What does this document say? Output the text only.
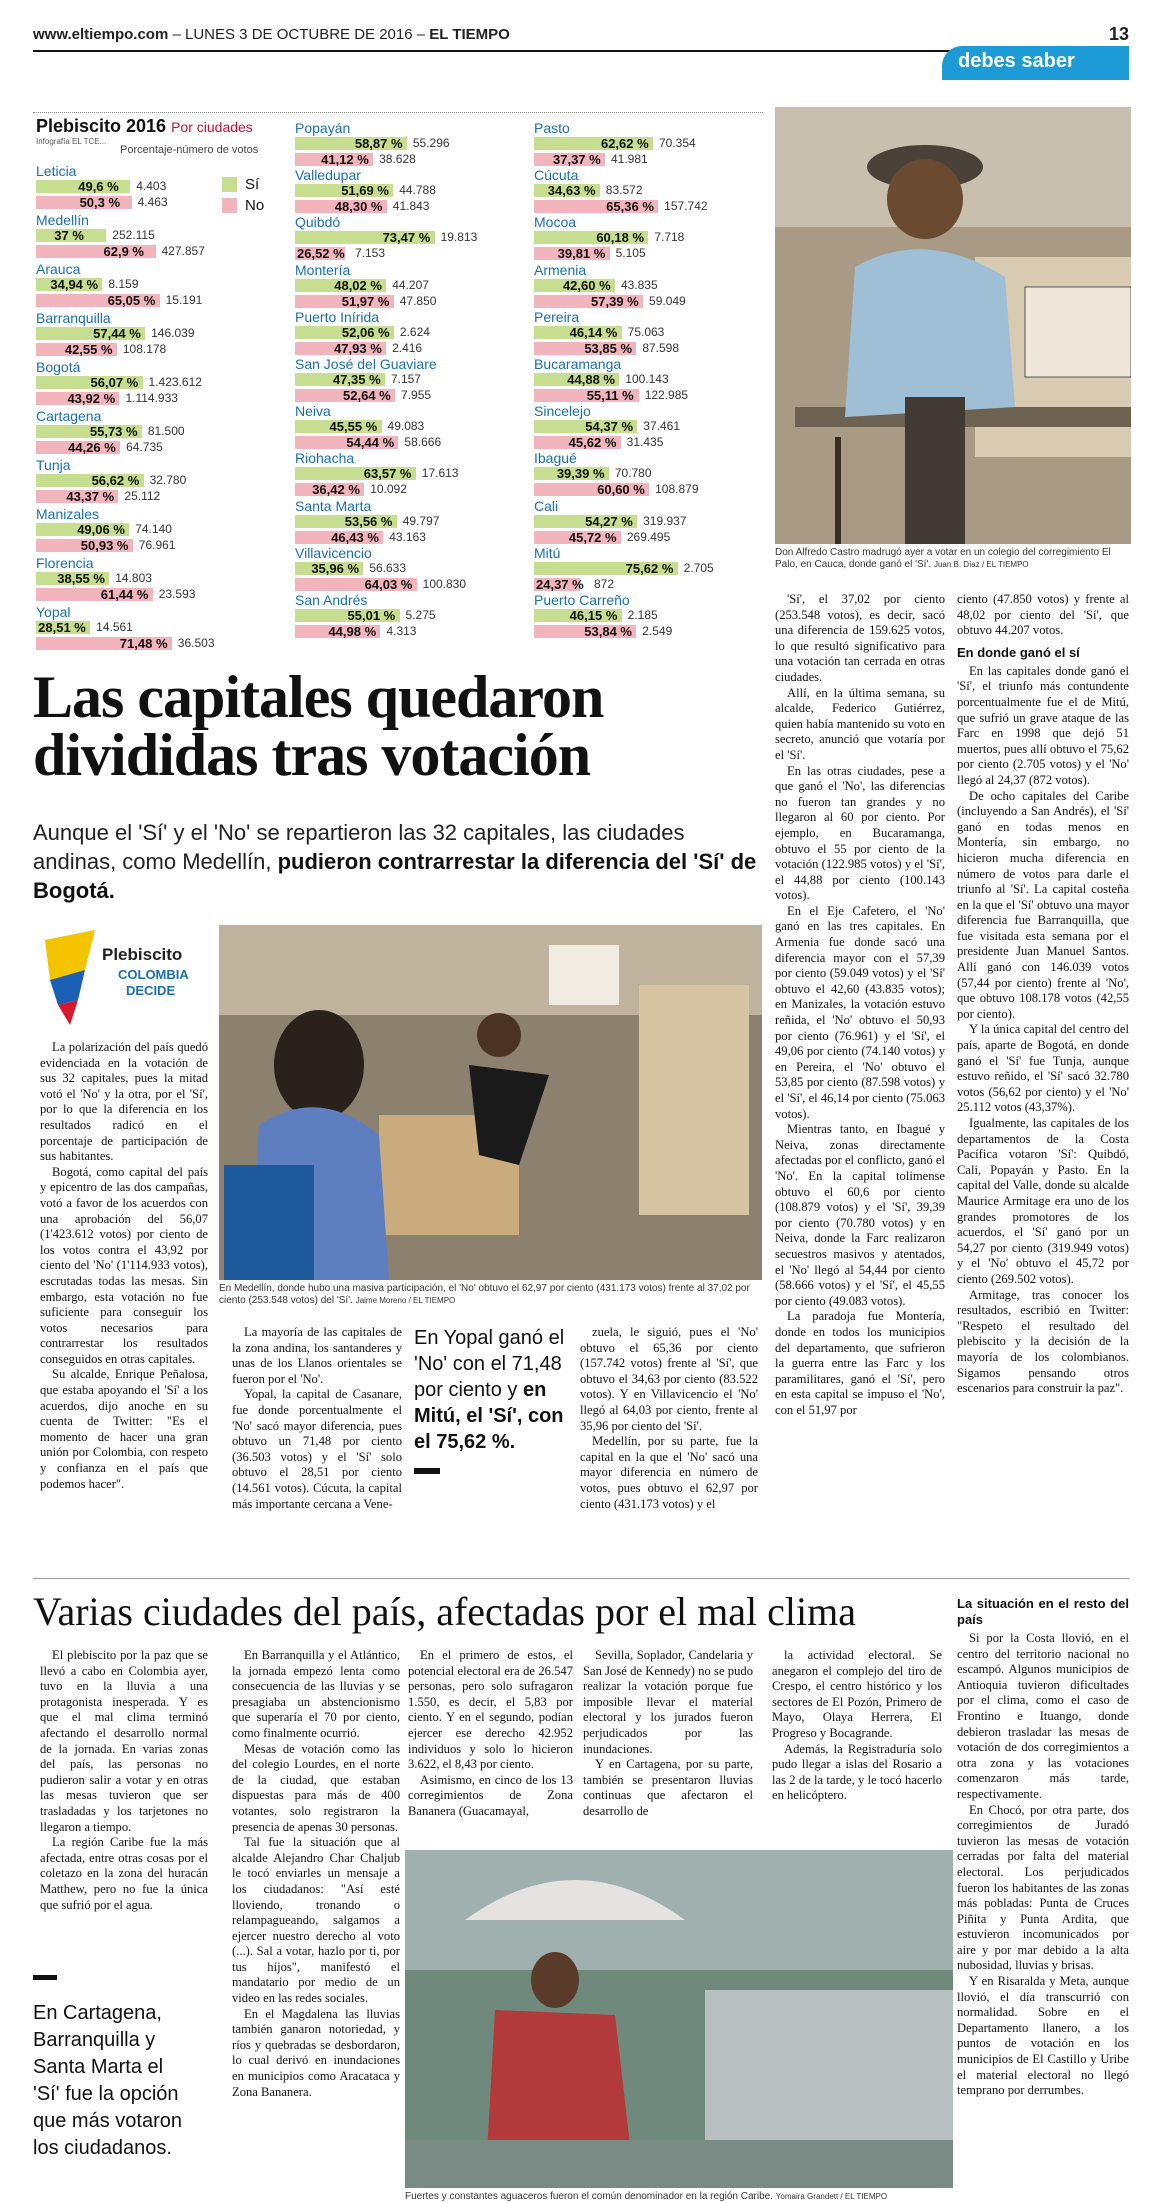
www.eltiempo.com – LUNES 3 DE OCTUBRE DE 2016 – EL TIEMPO	13
debes saber
Plebiscito 2016 Por ciudades
Infografía EL TCE...
Porcentaje-número de votos
Sí
No
Leticia
49,6 % 4.403
50,3 % 4.463
Medellín
37 % 252.115
62,9 % 427.857
Arauca
34,94 % 8.159
65,05 % 15.191
Barranquilla
57,44 % 146.039
42,55 % 108.178
Bogotá
56,07 % 1.423.612
43,92 % 1.114.933
Cartagena
55,73 % 81.500
44,26 % 64.735
Tunja
56,62 % 32.780
43,37 % 25.112
Manizales
49,06 % 74.140
50,93 % 76.961
Florencia
38,55 % 14.803
61,44 % 23.593
Yopal
28,51 % 14.561
71,48 % 36.503
Popayán
58,87 % 55.296
41,12 % 38.628
Valledupar
51,69 % 44.788
48,30 % 41.843
Quibdó
73,47 % 19.813
26,52 % 7.153
Montería
48,02 % 44.207
51,97 % 47.850
Puerto Inírida
52,06 % 2.624
47,93 % 2.416
San José del Guaviare
47,35 % 7.157
52,64 % 7.955
Neiva
45,55 % 49.083
54,44 % 58.666
Riohacha
63,57 % 17.613
36,42 % 10.092
Santa Marta
53,56 % 49.797
46,43 % 43.163
Villavicencio
35,96 % 56.633
64,03 % 100.830
San Andrés
55,01 % 5.275
44,98 % 4.313
Pasto
62,62 % 70.354
37,37 % 41.981
Cúcuta
34,63 % 83.572
65,36 % 157.742
Mocoa
60,18 % 7.718
39,81 % 5.105
Armenia
42,60 % 43.835
57,39 % 59.049
Pereira
46,14 % 75.063
53,85 % 87.598
Bucaramanga
44,88 % 100.143
55,11 % 122.985
Sincelejo
54,37 % 37.461
45,62 % 31.435
Ibagué
39,39 % 70.780
60,60 % 108.879
Cali
54,27 % 319.937
45,72 % 269.495
Mitú
75,62 % 2.705
24,37 % 872
Puerto Carreño
46,15 % 2.185
53,84 % 2.549
Don Alfredo Castro madrugó ayer a votar en un colegio del corregimiento El Palo, en Cauca, donde ganó el 'Sí'. Juan B. Díaz / EL TIEMPO
Las capitales quedaron divididas tras votación
Aunque el 'Sí' y el 'No' se repartieron las 32 capitales, las ciudades andinas, como Medellín, pudieron contrarrestar la diferencia del 'Sí' de Bogotá.
Plebiscito
COLOMBIA
DECIDE

La polarización del país quedó evidenciada en la votación de sus 32 capitales, pues la mitad votó el 'No' y la otra, por el 'Sí', por lo que la diferencia en los resultados radicó en el porcentaje de participación de sus habitantes.

Bogotá, como capital del país y epicentro de las dos campañas, votó a favor de los acuerdos con una aprobación del 56,07 (1'423.612 votos) por ciento de los votos contra el 43,92 por ciento del 'No' (1'114.933 votos), escrutadas todas las mesas. Sin embargo, esta votación no fue suficiente para conseguir los votos necesarios para contrarrestar los resultados conseguidos en otras capitales.

Su alcalde, Enrique Peñalosa, que estaba apoyando el 'Sí' a los acuerdos, dijo anoche en su cuenta de Twitter: "Es el momento de hacer una gran unión por Colombia, con respeto y confianza en el país que podemos hacer".

En Medellín, donde hubo una masiva participación, el 'No' obtuvo el 62,97 por ciento (431.173 votos) frente al 37,02 por ciento (253.548 votos) del 'Sí'. Jaime Moreno / EL TIEMPO

La mayoría de las capitales de la zona andina, los santanderes y unas de los Llanos orientales se fueron por el 'No'.

Yopal, la capital de Casanare, fue donde porcentualmente el 'No' sacó mayor diferencia, pues obtuvo un 71,48 por ciento (36.503 votos) y el 'Sí' solo obtuvo el 28,51 por ciento (14.561 votos). Cúcuta, la capital más importante cercana a Vene-

En Yopal ganó el 'No' con el 71,48 por ciento y en Mitú, el 'Sí', con el 75,62 %.

zuela, le siguió, pues el 'No' obtuvo el 65,36 por ciento (157.742 votos) frente al 'Sí', que obtuvo el 34,63 por ciento (83.522 votos). Y en Villavicencio el 'No' llegó al 64,03 por ciento, frente al 35,96 por ciento del 'Sí'.

Medellín, por su parte, fue la capital en la que el 'No' sacó una mayor diferencia en número de votos, pues obtuvo el 62,97 por ciento (431.173 votos) y el

'Sí', el 37,02 por ciento (253.548 votos), es decir, sacó una diferencia de 159.625 votos, lo que resultó significativo para una votación tan cerrada en otras ciudades.

Allí, en la última semana, su alcalde, Federico Gutiérrez, quien había mantenido su voto en secreto, anunció que votaría por el 'Sí'.

En las otras ciudades, pese a que ganó el 'No', las diferencias no fueron tan grandes y no llegaron al 60 por ciento. Por ejemplo, en Bucaramanga, obtuvo el 55 por ciento de la votación (122.985 votos) y el 'Sí', el 44,88 por ciento (100.143 votos).

En el Eje Cafetero, el 'No' ganó en las tres capitales. En Armenia fue donde sacó una diferencia mayor con el 57,39 por ciento (59.049 votos) y el 'Sí' obtuvo el 42,60 (43.835 votos); en Manizales, la votación estuvo reñida, el 'No' obtuvo el 50,93 por ciento (76.961) y el 'Sí', el 49,06 por ciento (74.140 votos) y en Pereira, el 'No' obtuvo el 53,85 por ciento (87.598 votos) y el 'Sí', el 46,14 por ciento (75.063 votos).

Mientras tanto, en Ibagué y Neiva, zonas directamente afectadas por el conflicto, ganó el 'No'. En la capital tolimense obtuvo el 60,6 por ciento (108.879 votos) y el 'Sí', 39,39 por ciento (70.780 votos) y en Neiva, donde la Farc realizaron secuestros masivos y atentados, el 'No' llegó al 54,44 por ciento (58.666 votos) y el 'Sí', el 45,55 por ciento (49.083 votos).

La paradoja fue Montería, donde en todos los municipios del departamento, que sufrieron la guerra entre las Farc y los paramilitares, ganó el 'Sí', pero en esta capital se impuso el 'No', con el 51,97 por

ciento (47.850 votos) y frente al 48,02 por ciento del 'Sí', que obtuvo 44.207 votos.

En donde ganó el sí

En las capitales donde ganó el 'Sí', el triunfo más contundente porcentualmente fue el de Mitú, que sufrió un grave ataque de las Farc en 1998 que dejó 51 muertos, pues allí obtuvo el 75,62 por ciento (2.705 votos) y el 'No' llegó al 24,37 (872 votos).

De ocho capitales del Caribe (incluyendo a San Andrés), el 'Sí' ganó en todas menos en Montería, sin embargo, no hicieron mucha diferencia en número de votos para darle el triunfo al 'Sí'. La capital costeña en la que el 'Sí' obtuvo una mayor diferencia fue Barranquilla, que fue visitada esta semana por el presidente Juan Manuel Santos. Allí ganó con 146.039 votos (57,44 por ciento) frente al 'No', que obtuvo 108.178 votos (42,55 por ciento).

Y la única capital del centro del país, aparte de Bogotá, en donde ganó el 'Sí' fue Tunja, aunque estuvo reñido, el 'Sí' sacó 32.780 votos (56,62 por ciento) y el 'No' 25.112 votos (43,37%).

Igualmente, las capitales de los departamentos de la Costa Pacífica votaron 'Sí': Quibdó, Cali, Popayán y Pasto. En la capital del Valle, donde su alcalde Maurice Armitage era uno de los grandes promotores de los acuerdos, el 'Sí' ganó por un 54,27 por ciento (319.949 votos) y el 'No' obtuvo el 45,72 por ciento (269.502 votos).

Armitage, tras conocer los resultados, escribió en Twitter: "Respeto el resultado del plebiscito y la decisión de la mayoría de los colombianos. Sigamos pensando otros escenarios para construir la paz".

Varias ciudades del país, afectadas por el mal clima

El plebiscito por la paz que se llevó a cabo en Colombia ayer, tuvo en la lluvia a una protagonista inesperada. Y es que el mal clima terminó afectando el desarrollo normal de la jornada. En varias zonas del país, las personas no pudieron salir a votar y en otras las mesas tuvieron que ser trasladadas y los tarjetones no llegaron a tiempo.

La región Caribe fue la más afectada, entre otras cosas por el coletazo en la zona del huracán Matthew, pero no fue la única que sufrió por el agua.

En Cartagena, Barranquilla y Santa Marta el 'Sí' fue la opción que más votaron los ciudadanos.

En Barranquilla y el Atlántico, la jornada empezó lenta como consecuencia de las lluvias y se presagiaba un abstencionismo que superaría el 70 por ciento, como finalmente ocurrió.

Mesas de votación como las del colegio Lourdes, en el norte de la ciudad, que estaban dispuestas para más de 400 votantes, solo registraron la presencia de apenas 30 personas.

Tal fue la situación que al alcalde Alejandro Char Chaljub le tocó enviarles un mensaje a los ciudadanos: "Así esté lloviendo, tronando o relampagueando, salgamos a ejercer nuestro derecho al voto (...). Sal a votar, hazlo por ti, por tus hijos", manifestó el mandatario por medio de un video en las redes sociales.

En el Magdalena las lluvias también ganaron notoriedad, y ríos y quebradas se desbordaron, lo cual derivó en inundaciones en municipios como Aracataca y Zona Bananera.

En el primero de estos, el potencial electoral era de 26.547 personas, pero solo sufragaron 1.550, es decir, el 5,83 por ciento. Y en el segundo, podían ejercer ese derecho 42.952 individuos y solo lo hicieron 3.622, el 8,43 por ciento.

Asimismo, en cinco de los 13 corregimientos de Zona Bananera (Guacamayal,

Sevilla, Soplador, Candelaria y San José de Kennedy) no se pudo realizar la votación porque fue imposible llevar el material electoral y los jurados fueron perjudicados por las inundaciones.

Y en Cartagena, por su parte, también se presentaron lluvias continuas que afectaron el desarrollo de

la actividad electoral. Se anegaron el complejo del tiro de Crespo, el centro histórico y los sectores de El Pozón, Primero de Mayo, Olaya Herrera, El Progreso y Bocagrande.

Además, la Registraduría solo pudo llegar a islas del Rosario a las 2 de la tarde, y le tocó hacerlo en helicóptero.

Fuertes y constantes aguaceros fueron el común denominador en la región Caribe. Yomaira Grandett / EL TIEMPO
La situación en el resto del país

Si por la Costa llovió, en el centro del territorio nacional no escampó. Algunos municipios de Antioquia tuvieron dificultades por el clima, como el caso de Frontino e Ituango, donde debieron trasladar las mesas de votación de dos corregimientos a otra zona y las votaciones comenzaron más tarde, respectivamente.

En Chocó, por otra parte, dos corregimientos de Juradó tuvieron las mesas de votación cerradas por falta del material electoral. Los perjudicados fueron los habitantes de las zonas más pobladas: Punta de Cruces Piñita y Punta Ardita, que estuvieron incomunicados por aire y por mar debido a la alta nubosidad, lluvias y brisas.

Y en Risaralda y Meta, aunque llovió, el día transcurrió con normalidad. Sobre en el Departamento llanero, a los puntos de votación en los municipios de El Castillo y Uribe el material electoral no llegó temprano por derrumbes.
